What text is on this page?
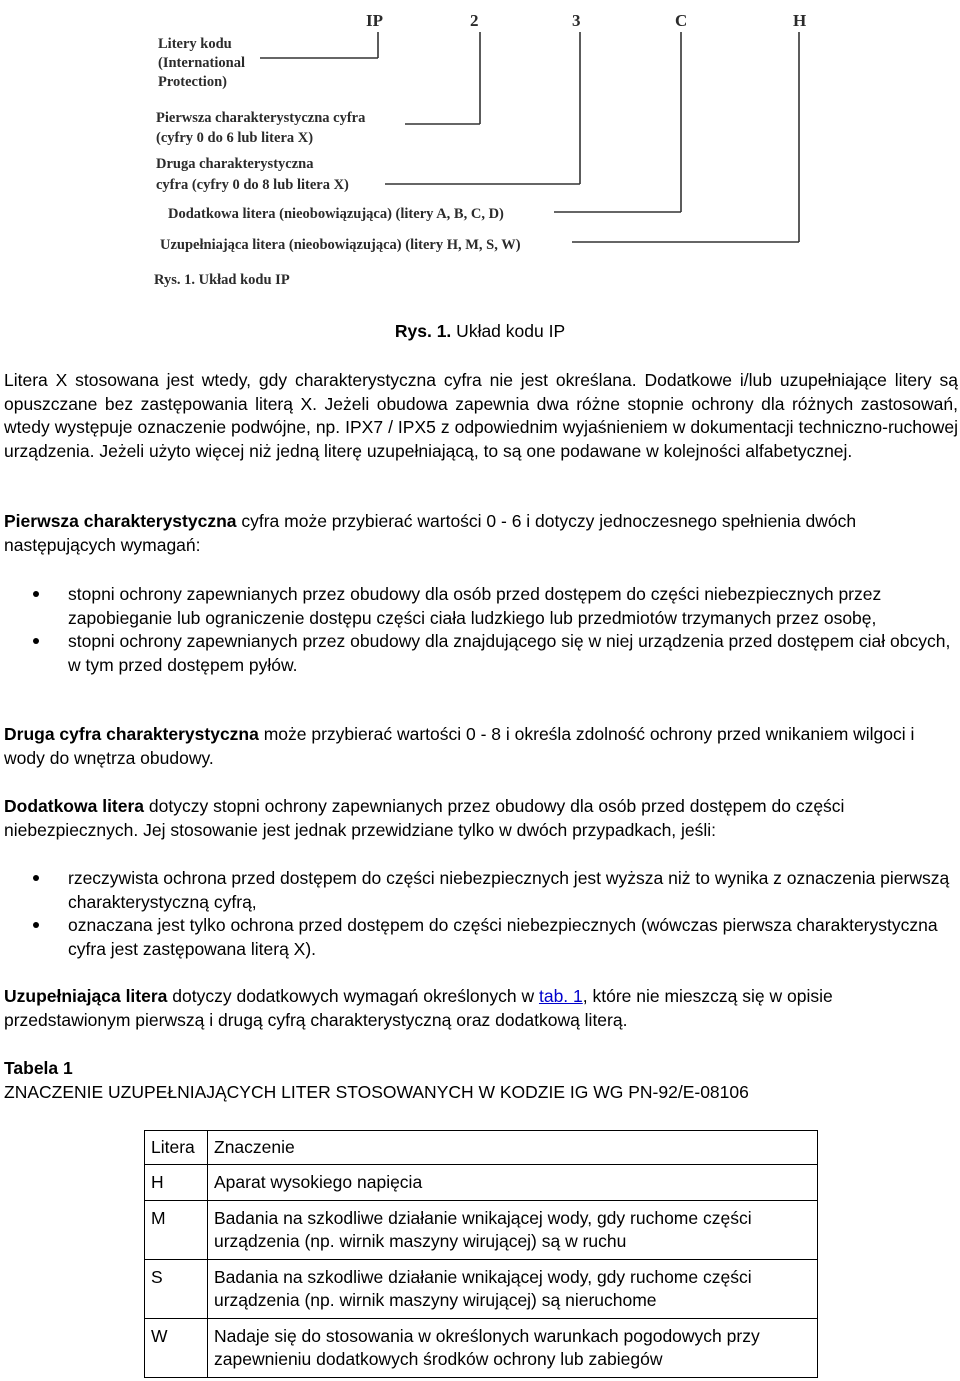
IP	2	3	C	H
Litery kodu
(International
Protection)
Pierwsza charakterystyczna cyfra
(cyfry 0 do 6 lub litera X)
Druga charakterystyczna
cyfra (cyfry 0 do 8 lub litera X)
Dodatkowa litera (nieobowiązująca) (litery A, B, C, D)
Uzupełniająca litera (nieobowiązująca) (litery H, M, S, W)
Rys. 1. Układ kodu IP
Rys. 1. Układ kodu IP

Litera X stosowana jest wtedy, gdy charakterystyczna cyfra nie jest określana. Dodatkowe i/lub uzupełniające litery są opuszczane bez zastępowania literą X. Jeżeli obudowa zapewnia dwa różne stopnie ochrony dla różnych zastosowań, wtedy występuje oznaczenie podwójne, np. IPX7 / IPX5 z odpowiednim wyjaśnieniem w dokumentacji techniczno-ruchowej urządzenia. Jeżeli użyto więcej niż jedną literę uzupełniającą, to są one podawane w kolejności alfabetycznej.

Pierwsza charakterystyczna cyfra może przybierać wartości 0 - 6 i dotyczy jednoczesnego spełnienia dwóch następujących wymagań:

stopni ochrony zapewnianych przez obudowy dla osób przed dostępem do części niebezpiecznych przez zapobieganie lub ograniczenie dostępu części ciała ludzkiego lub przedmiotów trzymanych przez osobę,
stopni ochrony zapewnianych przez obudowy dla znajdującego się w niej urządzenia przed dostępem ciał obcych, w tym przed dostępem pyłów.

Druga cyfra charakterystyczna może przybierać wartości 0 - 8 i określa zdolność ochrony przed wnikaniem wilgoci i wody do wnętrza obudowy.

Dodatkowa litera dotyczy stopni ochrony zapewnianych przez obudowy dla osób przed dostępem do części niebezpiecznych. Jej stosowanie jest jednak przewidziane tylko w dwóch przypadkach, jeśli:

rzeczywista ochrona przed dostępem do części niebezpiecznych jest wyższa niż to wynika z oznaczenia pierwszą charakterystyczną cyfrą,
oznaczana jest tylko ochrona przed dostępem do części niebezpiecznych (wówczas pierwsza charakterystyczna cyfra jest zastępowana literą X).

Uzupełniająca litera dotyczy dodatkowych wymagań określonych w tab. 1, które nie mieszczą się w opisie przedstawionym pierwszą i drugą cyfrą charakterystyczną oraz dodatkową literą.

Tabela 1
ZNACZENIE UZUPEŁNIAJĄCYCH LITER STOSOWANYCH W KODZIE IG WG PN-92/E-08106
Litera	Znaczenie
H	Aparat wysokiego napięcia
M	Badania na szkodliwe działanie wnikającej wody, gdy ruchome części urządzenia (np. wirnik maszyny wirującej) są w ruchu
S	Badania na szkodliwe działanie wnikającej wody, gdy ruchome części urządzenia (np. wirnik maszyny wirującej) są nieruchome
W	Nadaje się do stosowania w określonych warunkach pogodowych przy zapewnieniu dodatkowych środków ochrony lub zabiegów
